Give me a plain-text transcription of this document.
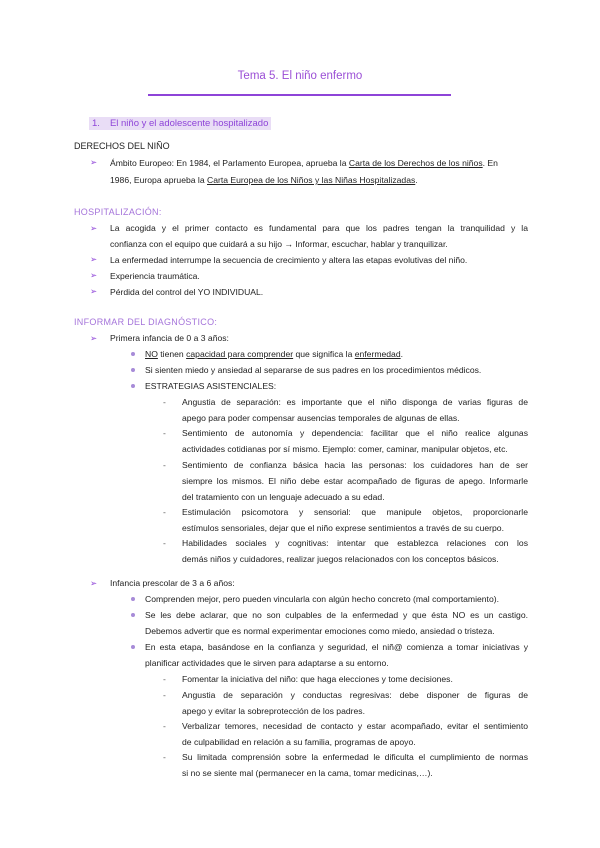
Tema 5. El niño enfermo
1. El niño y el adolescente hospitalizado
DERECHOS DEL NIÑO
➢ Ámbito Europeo: En 1984, el Parlamento Europea, aprueba la Carta de los Derechos de los niños. En
1986, Europa aprueba la Carta Europea de los Niños y las Niñas Hospitalizadas.
HOSPITALIZACIÓN:
➢ La acogida y el primer contacto es fundamental para que los padres tengan la tranquilidad y la
confianza con el equipo que cuidará a su hijo → Informar, escuchar, hablar y tranquilizar.
➢ La enfermedad interrumpe la secuencia de crecimiento y altera las etapas evolutivas del niño.
➢ Experiencia traumática.
➢ Pérdida del control del YO INDIVIDUAL.
INFORMAR DEL DIAGNÓSTICO:
➢ Primera infancia de 0 a 3 años:
NO tienen capacidad para comprender que significa la enfermedad.
Si sienten miedo y ansiedad al separarse de sus padres en los procedimientos médicos.
ESTRATEGIAS ASISTENCIALES:
- Angustia de separación: es importante que el niño disponga de varias figuras de
apego para poder compensar ausencias temporales de algunas de ellas.
- Sentimiento de autonomía y dependencia: facilitar que el niño realice algunas
actividades cotidianas por sí mismo. Ejemplo: comer, caminar, manipular objetos, etc.
- Sentimiento de confianza básica hacia las personas: los cuidadores han de ser
siempre los mismos. El niño debe estar acompañado de figuras de apego. Informarle
del tratamiento con un lenguaje adecuado a su edad.
- Estimulación psicomotora y sensorial: que manipule objetos, proporcionarle
estímulos sensoriales, dejar que el niño exprese sentimientos a través de su cuerpo.
- Habilidades sociales y cognitivas: intentar que establezca relaciones con los
demás niños y cuidadores, realizar juegos relacionados con los conceptos básicos.
➢ Infancia prescolar de 3 a 6 años:
Comprenden mejor, pero pueden vincularla con algún hecho concreto (mal comportamiento).
Se les debe aclarar, que no son culpables de la enfermedad y que ésta NO es un castigo.
Debemos advertir que es normal experimentar emociones como miedo, ansiedad o tristeza.
En esta etapa, basándose en la confianza y seguridad, el niñ@ comienza a tomar iniciativas y
planificar actividades que le sirven para adaptarse a su entorno.
- Fomentar la iniciativa del niño: que haga elecciones y tome decisiones.
- Angustia de separación y conductas regresivas: debe disponer de figuras de
apego y evitar la sobreprotección de los padres.
- Verbalizar temores, necesidad de contacto y estar acompañado, evitar el sentimiento
de culpabilidad en relación a su familia, programas de apoyo.
- Su limitada comprensión sobre la enfermedad le dificulta el cumplimiento de normas
si no se siente mal (permanecer en la cama, tomar medicinas,…).
